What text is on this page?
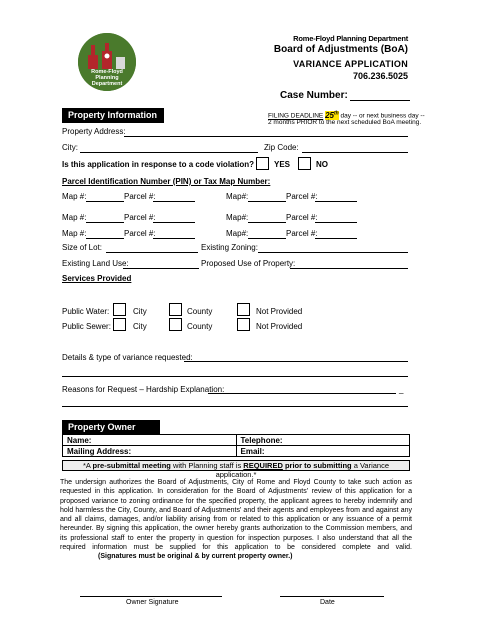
Rome-Floyd
Planning
Department
Rome-Floyd Planning Department
Board of Adjustments (BoA)
VARIANCE APPLICATION
706.236.5025
Case Number:
Property Information	FILING DEADLINE 25th day -- or next business day --
2 months PRIOR to the next scheduled BoA meeting.
Property Address:
City:	Zip Code:
Is this application in response to a code violation? YES	NO
Parcel Identification Number (PIN) or Tax Map Number:
Map #:	Parcel #:	Map#:	Parcel #:
Map #:	Parcel #:	Map#:	Parcel #:
Map #:	Parcel #:	Map#:	Parcel #:
Size of Lot:	Existing Zoning:
Existing Land Use:	Proposed Use of Property:
Services Provided
Public Water:	City	County	Not Provided
Public Sewer:	City	County	Not Provided
Details & type of variance requested:
Reasons for Request – Hardship Explanation:	_
Property Owner
Name:	Telephone:
Mailing Address:	Email:
*A pre-submittal meeting with Planning staff is REQUIRED prior to submitting a Variance application.*
The undersign authorizes the Board of Adjustments, City of Rome and Floyd County to take such action as requested in this application. In consideration for the Board of Adjustments' review of this application for a proposed variance to zoning ordinance for the specified property, the applicant agrees to hereby indemnify and hold harmless the City, County, and Board of Adjustments' and their agents and employees from and against any and all claims, damages, and/or liability arising from or related to this application or any issuance of a permit hereunder. By signing this application, the owner hereby grants authorization to the Commission members, and its professional staff to enter the property in question for inspection purposes. I also understand that all the required information must be supplied for this application to be considered complete and valid. (Signatures must be original & by current property owner.)
Owner Signature	Date
